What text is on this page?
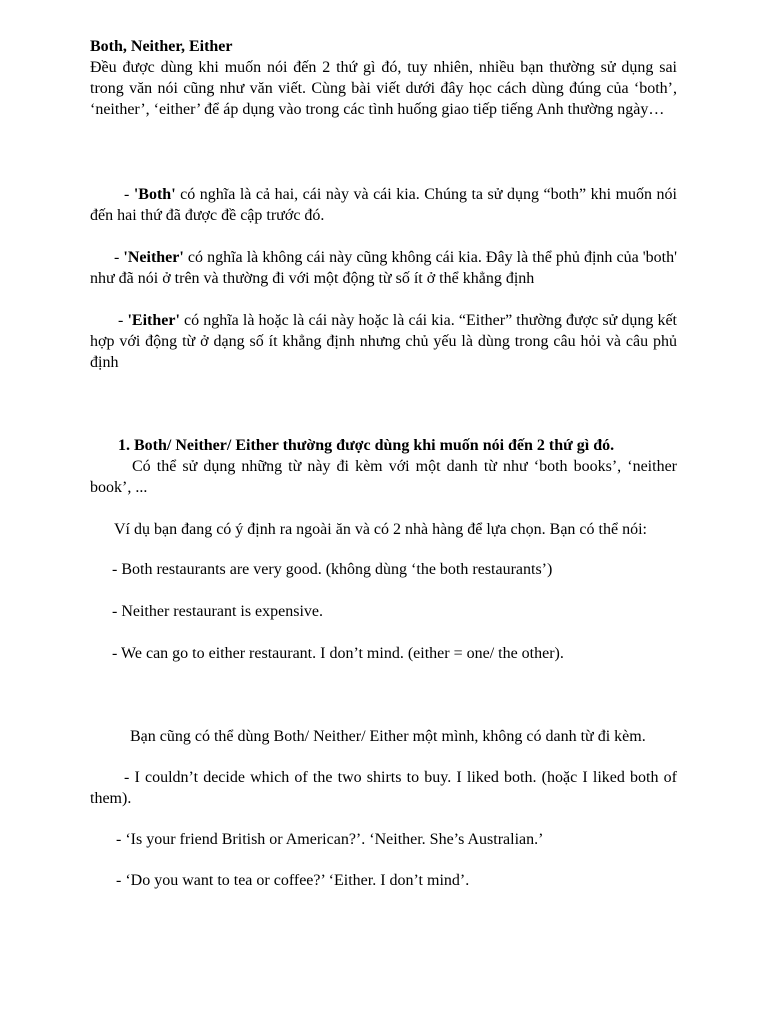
Both, Neither, Either

Đều được dùng khi muốn nói đến 2 thứ gì đó, tuy nhiên, nhiều bạn thường sử dụng sai trong văn nói cũng như văn viết. Cùng bài viết dưới đây học cách dùng đúng của ‘both’, ‘neither’, ‘either’ để áp dụng vào trong các tình huống giao tiếp tiếng Anh thường ngày…

- 'Both' có nghĩa là cả hai, cái này và cái kia. Chúng ta sử dụng “both” khi muốn nói đến hai thứ đã được đề cập trước đó.

- 'Neither' có nghĩa là không cái này cũng không cái kia. Đây là thể phủ định của 'both' như đã nói ở trên và thường đi với một động từ số ít ở thể khẳng định

- 'Either' có nghĩa là hoặc là cái này hoặc là cái kia. “Either” thường được sử dụng kết hợp với động từ ở dạng số ít khẳng định nhưng chủ yếu là dùng trong câu hỏi và câu phủ định

1. Both/ Neither/ Either thường được dùng khi muốn nói đến 2 thứ gì đó.

Có thể sử dụng những từ này đi kèm với một danh từ như ‘both books’, ‘neither book’, ...

Ví dụ bạn đang có ý định ra ngoài ăn và có 2 nhà hàng để lựa chọn. Bạn có thể nói:

- Both restaurants are very good. (không dùng ‘the both restaurants’)

- Neither restaurant is expensive.

- We can go to either restaurant. I don’t mind. (either = one/ the other).

Bạn cũng có thể dùng Both/ Neither/ Either một mình, không có danh từ đi kèm.

- I couldn’t decide which of the two shirts to buy. I liked both. (hoặc I liked both of them).

- ‘Is your friend British or American?’. ‘Neither. She’s Australian.’

- ‘Do you want to tea or coffee?’ ‘Either. I don’t mind’.
